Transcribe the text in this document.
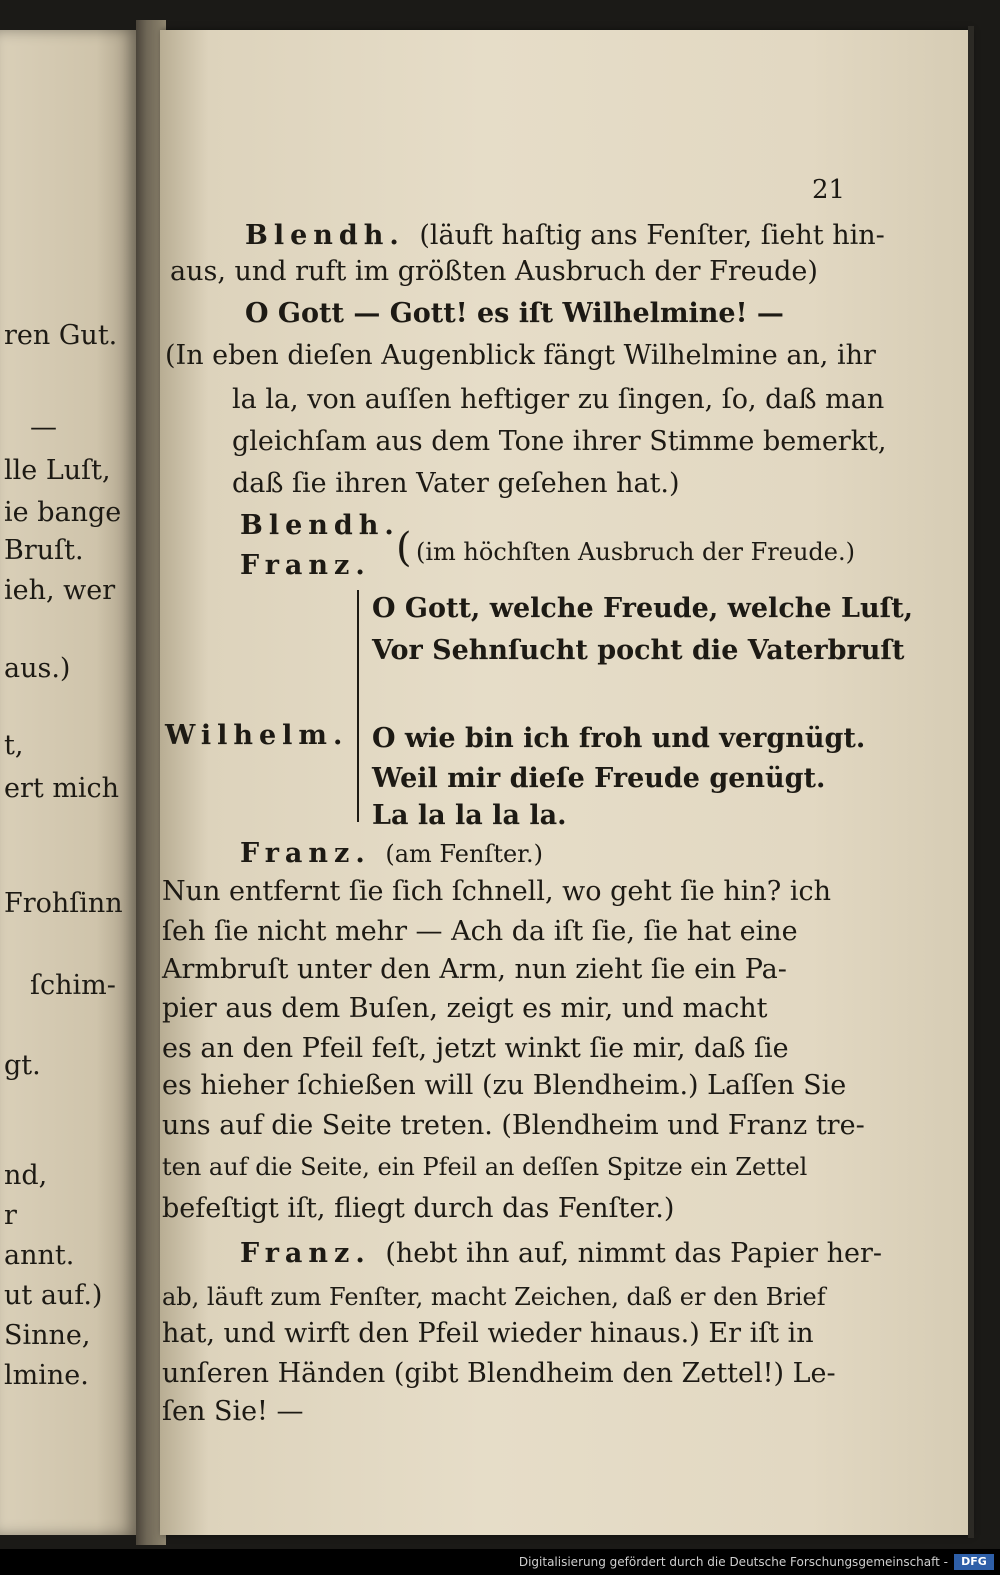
ren Gut.
—
lle Luſt,
ie bange
Bruſt.
ieh, wer
aus.)
t,
ert mich
Frohſinn
ſchim-
gt.
nd,
r
annt.
ut auf.)
Sinne,
lmine.
21
Blendh. (läuft haſtig ans Fenſter, ſieht hin-
aus, und ruft im größten Ausbruch der Freude)
O Gott — Gott! es iſt Wilhelmine! —
(In eben dieſen Augenblick fängt Wilhelmine an, ihr
la la, von auſſen heftiger zu ſingen, ſo, daß man
gleichſam aus dem Tone ihrer Stimme bemerkt,
daß ſie ihren Vater geſehen hat.)
Blendh.
Franz. ( (im höchſten Ausbruch der Freude.)
O Gott, welche Freude, welche Luſt,
Vor Sehnſucht pocht die Vaterbruſt
Wilhelm. O wie bin ich froh und vergnügt.
Weil mir dieſe Freude genügt.
La la la la la.
Franz. (am Fenſter.)
Nun entfernt ſie ſich ſchnell, wo geht ſie hin? ich
ſeh ſie nicht mehr — Ach da iſt ſie, ſie hat eine
Armbruſt unter den Arm, nun zieht ſie ein Pa-
pier aus dem Buſen, zeigt es mir, und macht
es an den Pfeil feſt, jetzt winkt ſie mir, daß ſie
es hieher ſchießen will (zu Blendheim.) Laſſen Sie
uns auf die Seite treten. (Blendheim und Franz tre-
ten auf die Seite, ein Pfeil an deſſen Spitze ein Zettel
befeſtigt iſt, fliegt durch das Fenſter.)
Franz. (hebt ihn auf, nimmt das Papier her-
ab, läuft zum Fenſter, macht Zeichen, daß er den Brief
hat, und wirft den Pfeil wieder hinaus.) Er iſt in
unſeren Händen (gibt Blendheim den Zettel!) Le-
ſen Sie! —
Digitalisierung gefördert durch die Deutsche Forschungsgemeinschaft -	DFG
